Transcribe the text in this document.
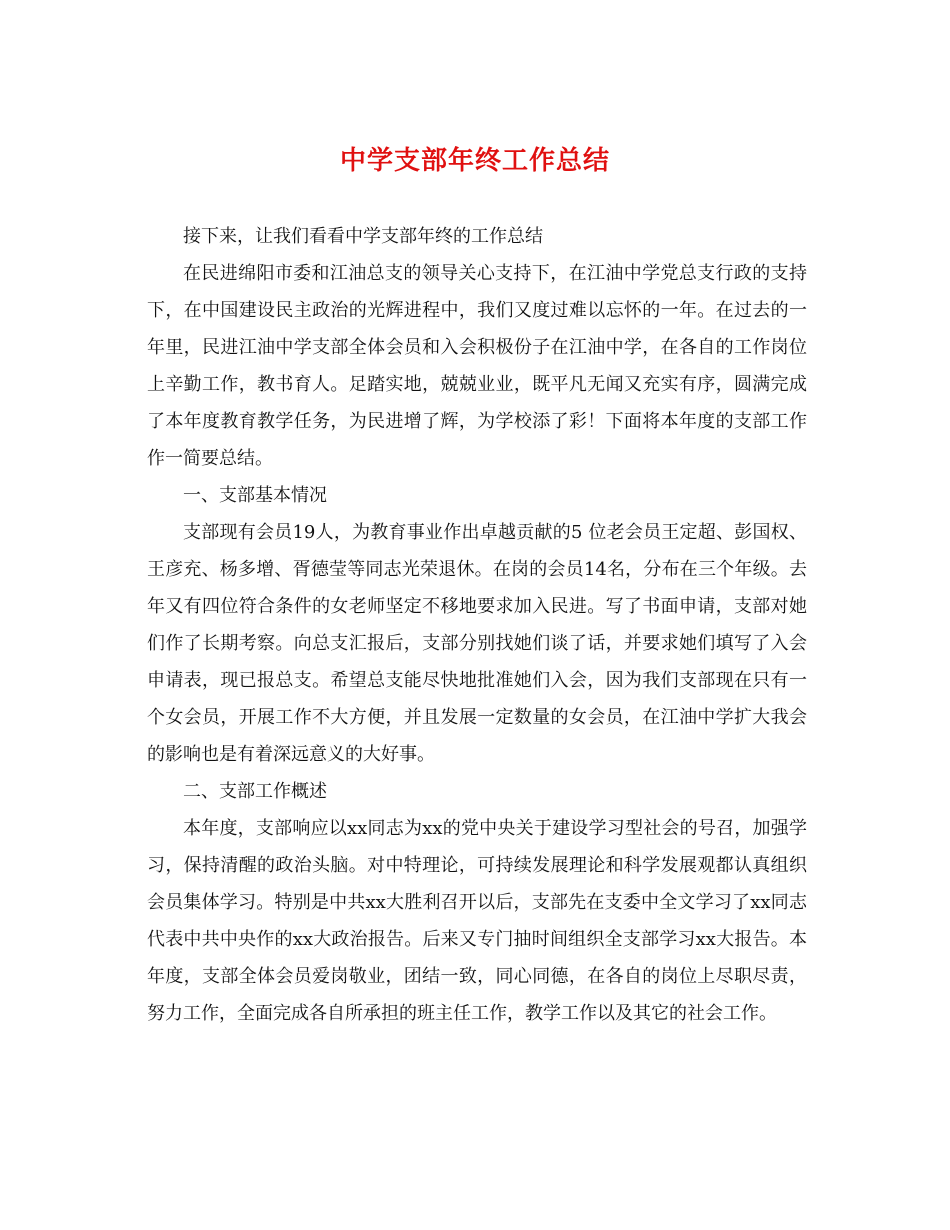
中学支部年终工作总结

接下来，让我们看看中学支部年终的工作总结

在民进绵阳市委和江油总支的领导关心支持下，在江油中学党总支行政的支持下，在中国建设民主政治的光辉进程中，我们又度过难以忘怀的一年。在过去的一年里，民进江油中学支部全体会员和入会积极份子在江油中学，在各自的工作岗位上辛勤工作，教书育人。足踏实地，兢兢业业，既平凡无闻又充实有序，圆满完成了本年度教育教学任务，为民进增了辉，为学校添了彩！下面将本年度的支部工作作一简要总结。

一、支部基本情况

支部现有会员19人，为教育事业作出卓越贡献的5 位老会员王定超、彭国权、王彦充、杨多增、胥德莹等同志光荣退休。在岗的会员14名，分布在三个年级。去年又有四位符合条件的女老师坚定不移地要求加入民进。写了书面申请，支部对她们作了长期考察。向总支汇报后，支部分别找她们谈了话，并要求她们填写了入会申请表，现已报总支。希望总支能尽快地批准她们入会，因为我们支部现在只有一个女会员，开展工作不大方便，并且发展一定数量的女会员，在江油中学扩大我会的影响也是有着深远意义的大好事。

二、支部工作概述

本年度，支部响应以xx同志为xx的党中央关于建设学习型社会的号召，加强学习，保持清醒的政治头脑。对中特理论，可持续发展理论和科学发展观都认真组织会员集体学习。特别是中共xx大胜利召开以后，支部先在支委中全文学习了xx同志代表中共中央作的xx大政治报告。后来又专门抽时间组织全支部学习xx大报告。本年度，支部全体会员爱岗敬业，团结一致，同心同德，在各自的岗位上尽职尽责，努力工作，全面完成各自所承担的班主任工作，教学工作以及其它的社会工作。
